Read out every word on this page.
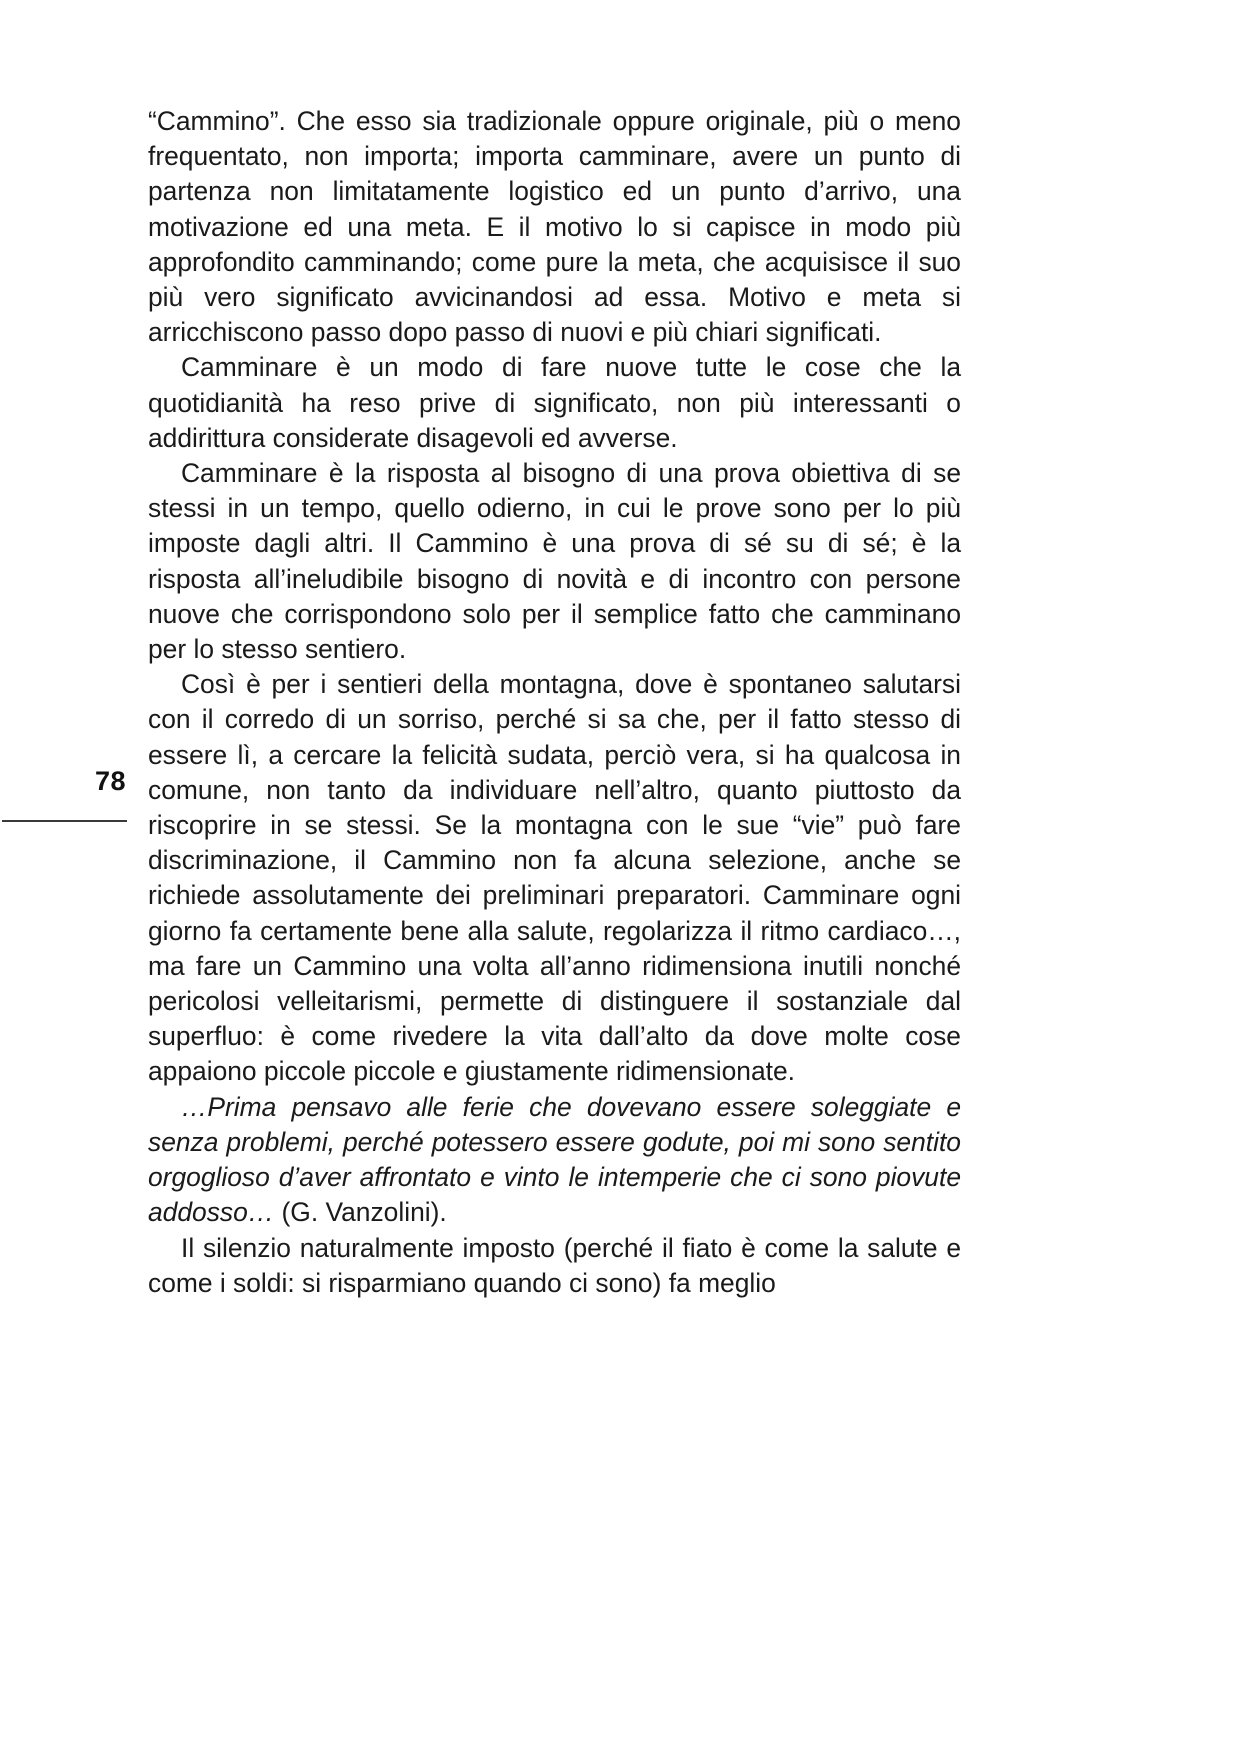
78

“Cammino”. Che esso sia tradizionale oppure originale, più o meno frequentato, non importa; importa camminare, avere un punto di partenza non limitatamente logistico ed un punto d’arrivo, una motivazione ed una meta. E il motivo lo si capisce in modo più approfondito camminando; come pure la meta, che acquisisce il suo più vero significato avvicinandosi ad essa. Motivo e meta si arricchiscono passo dopo passo di nuovi e più chiari significati.

Camminare è un modo di fare nuove tutte le cose che la quotidianità ha reso prive di significato, non più interessanti o addirittura considerate disagevoli ed avverse.

Camminare è la risposta al bisogno di una prova obiettiva di se stessi in un tempo, quello odierno, in cui le prove sono per lo più imposte dagli altri. Il Cammino è una prova di sé su di sé; è la risposta all’ineludibile bisogno di novità e di incontro con persone nuove che corrispondono solo per il semplice fatto che camminano per lo stesso sentiero.

Così è per i sentieri della montagna, dove è spontaneo salutarsi con il corredo di un sorriso, perché si sa che, per il fatto stesso di essere lì, a cercare la felicità sudata, perciò vera, si ha qualcosa in comune, non tanto da individuare nell’altro, quanto piuttosto da riscoprire in se stessi. Se la montagna con le sue “vie” può fare discriminazione, il Cammino non fa alcuna selezione, anche se richiede assolutamente dei preliminari preparatori. Camminare ogni giorno fa certamente bene alla salute, regolarizza il ritmo cardiaco…, ma fare un Cammino una volta all’anno ridimensiona inutili nonché pericolosi velleitarismi, permette di distinguere il sostanziale dal superfluo: è come rivedere la vita dall’alto da dove molte cose appaiono piccole piccole e giustamente ridimensionate.

…Prima pensavo alle ferie che dovevano essere soleggiate e senza problemi, perché potessero essere godute, poi mi sono sentito orgoglioso d’aver affrontato e vinto le intemperie che ci sono piovute addosso… (G. Vanzolini).

Il silenzio naturalmente imposto (perché il fiato è come la salute e come i soldi: si risparmiano quando ci sono) fa meglio
